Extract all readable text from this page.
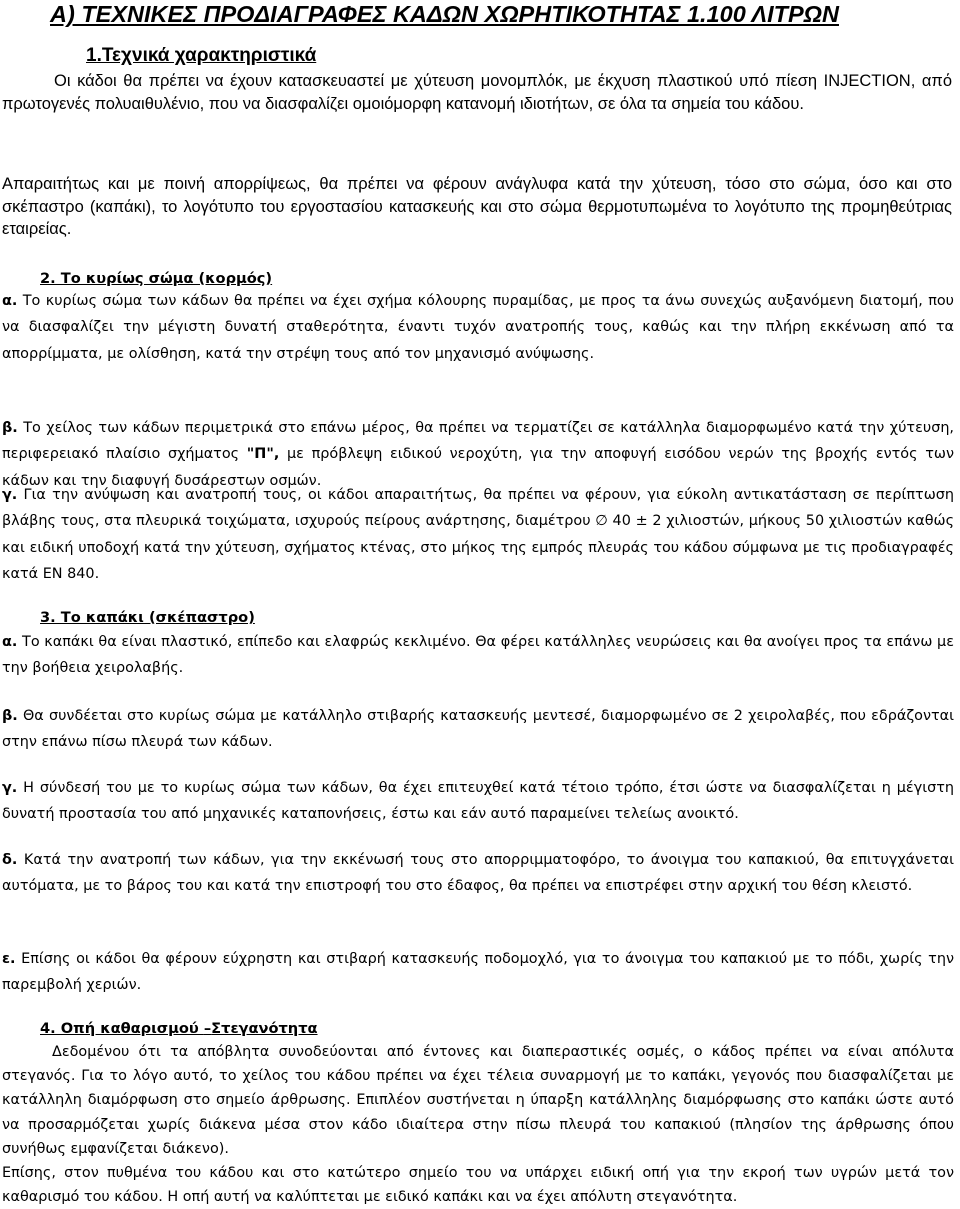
Α) ΤΕΧΝΙΚΕΣ ΠΡΟΔΙΑΓΡΑΦΕΣ ΚΑΔΩΝ ΧΩΡΗΤΙΚΟΤΗΤΑΣ 1.100 ΛΙΤΡΩΝ
1.Τεχνικά χαρακτηριστικά
Οι κάδοι θα πρέπει να έχουν κατασκευαστεί με χύτευση μονομπλόκ, με έκχυση πλαστικού υπό πίεση INJECTION, από πρωτογενές πολυαιθυλένιο, που να διασφαλίζει ομοιόμορφη κατανομή ιδιοτήτων, σε όλα τα σημεία του κάδου.
Απαραιτήτως και με ποινή απορρίψεως, θα πρέπει να φέρουν ανάγλυφα κατά την χύτευση, τόσο στο σώμα, όσο και στο σκέπαστρο (καπάκι), το λογότυπο του εργοστασίου κατασκευής και στο σώμα θερμοτυπωμένα το λογότυπο της προμηθεύτριας εταιρείας.
2. Το κυρίως σώμα (κορμός)
α. Το κυρίως σώμα των κάδων θα πρέπει να έχει σχήμα κόλουρης πυραμίδας, με προς τα άνω συνεχώς αυξανόμενη διατομή, που να διασφαλίζει την μέγιστη δυνατή σταθερότητα, έναντι τυχόν ανατροπής τους, καθώς και την πλήρη εκκένωση από τα απορρίμματα, με ολίσθηση, κατά την στρέψη τους από τον μηχανισμό ανύψωσης.
β. Το χείλος των κάδων περιμετρικά στο επάνω μέρος, θα πρέπει να τερματίζει σε κατάλληλα διαμορφωμένο κατά την χύτευση, περιφερειακό πλαίσιο σχήματος "Π", με πρόβλεψη ειδικού νεροχύτη, για την αποφυγή εισόδου νερών της βροχής εντός των κάδων και την διαφυγή δυσάρεστων οσμών.
γ. Για την ανύψωση και ανατροπή τους, οι κάδοι απαραιτήτως, θα πρέπει να φέρουν, για εύκολη αντικατάσταση σε περίπτωση βλάβης τους, στα πλευρικά τοιχώματα, ισχυρούς πείρους ανάρτησης, διαμέτρου ∅ 40 ± 2 χιλιοστών, μήκους 50 χιλιοστών καθώς και ειδική υποδοχή κατά την χύτευση, σχήματος κτένας, στο μήκος της εμπρός πλευράς του κάδου σύμφωνα με τις προδιαγραφές κατά ΕΝ 840.
3. Το καπάκι (σκέπαστρο)
α. Το καπάκι θα είναι πλαστικό, επίπεδο και ελαφρώς κεκλιμένο. Θα φέρει κατάλληλες νευρώσεις και θα ανοίγει προς τα επάνω με την βοήθεια χειρολαβής.
β. Θα συνδέεται στο κυρίως σώμα με κατάλληλο στιβαρής κατασκευής μεντεσέ, διαμορφωμένο σε 2 χειρολαβές, που εδράζονται στην επάνω πίσω πλευρά των κάδων.
γ. Η σύνδεσή του με το κυρίως σώμα των κάδων, θα έχει επιτευχθεί κατά τέτοιο τρόπο, έτσι ώστε να διασφαλίζεται η μέγιστη δυνατή προστασία του από μηχανικές καταπονήσεις, έστω και εάν αυτό παραμείνει τελείως ανοικτό.
δ. Κατά την ανατροπή των κάδων, για την εκκένωσή τους στο απορριμματοφόρο, το άνοιγμα του καπακιού, θα επιτυγχάνεται αυτόματα, με το βάρος του και κατά την επιστροφή του στο έδαφος, θα πρέπει να επιστρέφει στην αρχική του θέση κλειστό.
ε. Επίσης οι κάδοι θα φέρουν εύχρηστη και στιβαρή κατασκευής ποδομοχλό, για το άνοιγμα του καπακιού με το πόδι, χωρίς την παρεμβολή χεριών.
4. Οπή καθαρισμού –Στεγανότητα
Δεδομένου ότι τα απόβλητα συνοδεύονται από έντονες και διαπεραστικές οσμές, ο κάδος πρέπει να είναι απόλυτα στεγανός. Για το λόγο αυτό, το χείλος του κάδου πρέπει να έχει τέλεια συναρμογή με το καπάκι, γεγονός που διασφαλίζεται με κατάλληλη διαμόρφωση στο σημείο άρθρωσης. Επιπλέον συστήνεται η ύπαρξη κατάλληλης διαμόρφωσης στο καπάκι ώστε αυτό να προσαρμόζεται χωρίς διάκενα μέσα στον κάδο ιδιαίτερα στην πίσω πλευρά του καπακιού (πλησίον της άρθρωσης όπου συνήθως εμφανίζεται διάκενο).
Επίσης, στον πυθμένα του κάδου και στο κατώτερο σημείο του να υπάρχει ειδική οπή για την εκροή των υγρών μετά τον καθαρισμό του κάδου. Η οπή αυτή να καλύπτεται με ειδικό καπάκι και να έχει απόλυτη στεγανότητα.
